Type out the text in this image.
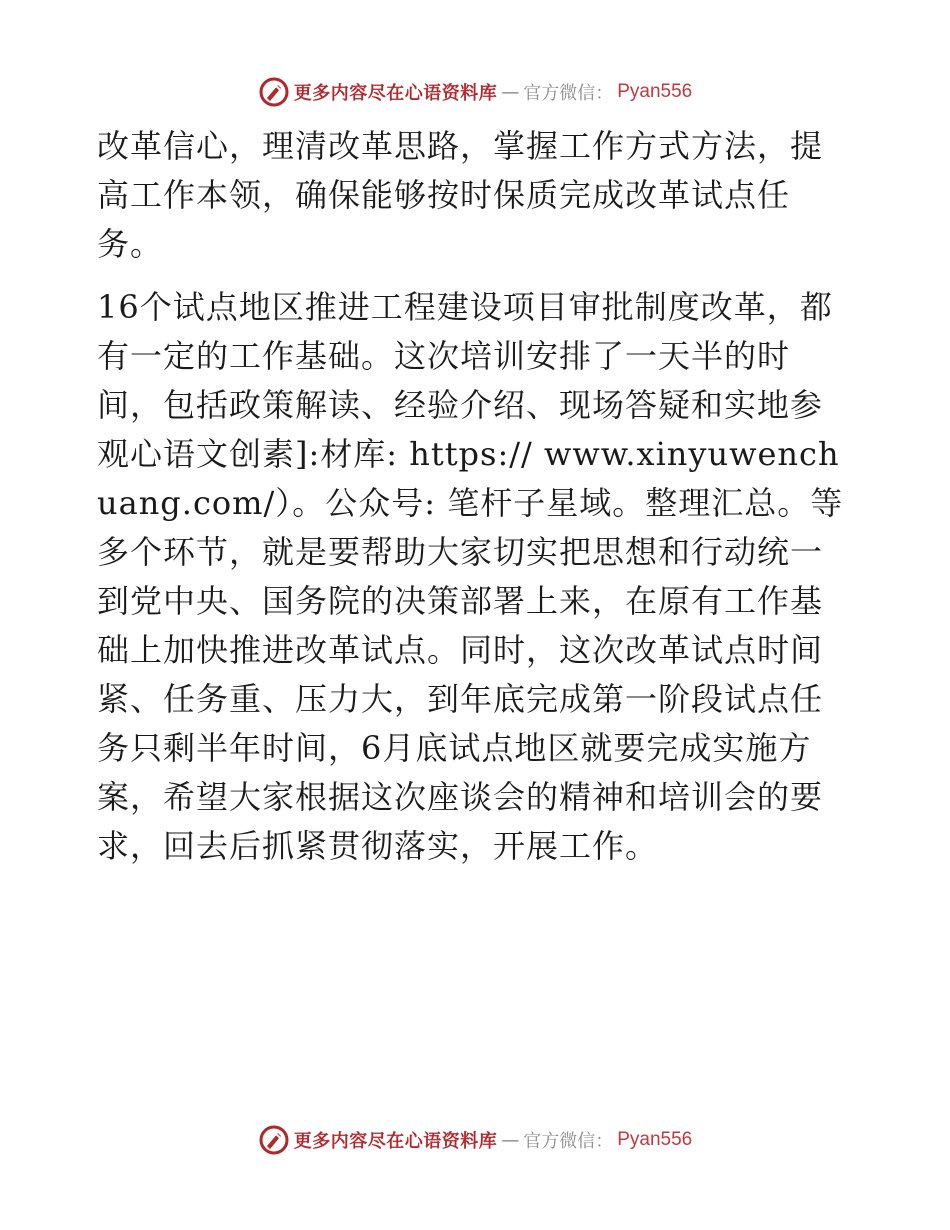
更多内容尽在心语资料库 — 官方微信： Pyan556

改革信心，理清改革思路，掌握工作方式方法，提高工作本领，确保能够按时保质完成改革试点任务。

16个试点地区推进工程建设项目审批制度改革，都有一定的工作基础。这次培训安排了一天半的时间，包括政策解读、经验介绍、现场答疑和实地参观心语文创素]:材库: https:// www.xinyuwenchuang.com/）。公众号: 笔杆子星域。整理汇总。等多个环节，就是要帮助大家切实把思想和行动统一到党中央、国务院的决策部署上来，在原有工作基础上加快推进改革试点。同时，这次改革试点时间紧、任务重、压力大，到年底完成第一阶段试点任务只剩半年时间，6月底试点地区就要完成实施方案，希望大家根据这次座谈会的精神和培训会的要求，回去后抓紧贯彻落实，开展工作。

更多内容尽在心语资料库 — 官方微信： Pyan556
